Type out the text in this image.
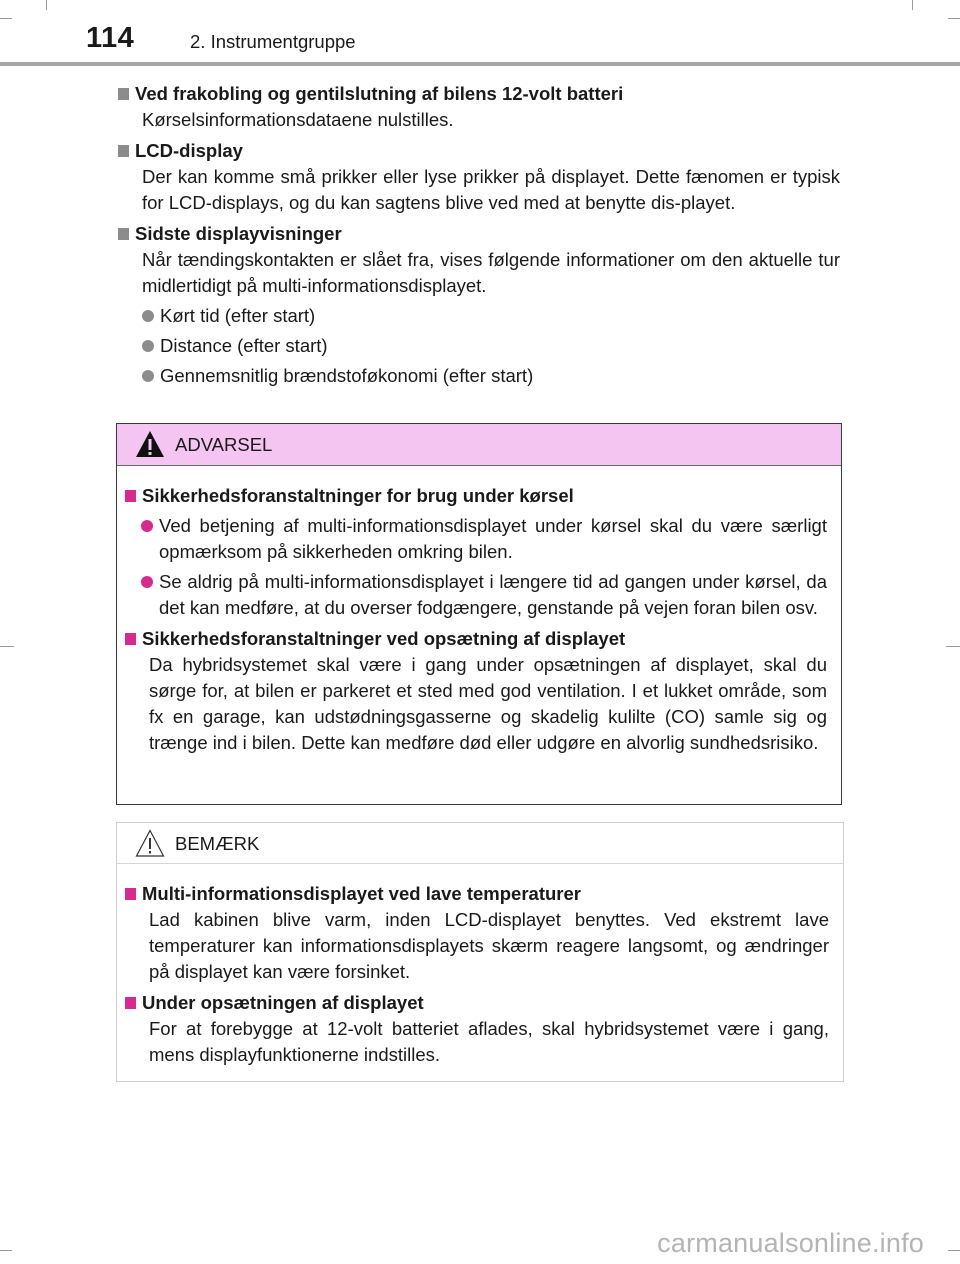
114	2. Instrumentgruppe
Ved frakobling og gentilslutning af bilens 12-volt batteri
Kørselsinformationsdataene nulstilles.
LCD-display
Der kan komme små prikker eller lyse prikker på displayet. Dette fænomen er typisk for LCD-displays, og du kan sagtens blive ved med at benytte dis-playet.
Sidste displayvisninger
Når tændingskontakten er slået fra, vises følgende informationer om den aktuelle tur midlertidigt på multi-informationsdisplayet.
Kørt tid (efter start)
Distance (efter start)
Gennemsnitlig brændstoføkonomi (efter start)
ADVARSEL
Sikkerhedsforanstaltninger for brug under kørsel
Ved betjening af multi-informationsdisplayet under kørsel skal du være særligt opmærksom på sikkerheden omkring bilen.
Se aldrig på multi-informationsdisplayet i længere tid ad gangen under kørsel, da det kan medføre, at du overser fodgængere, genstande på vejen foran bilen osv.
Sikkerhedsforanstaltninger ved opsætning af displayet
Da hybridsystemet skal være i gang under opsætningen af displayet, skal du sørge for, at bilen er parkeret et sted med god ventilation. I et lukket område, som fx en garage, kan udstødningsgasserne og skadelig kulilte (CO) samle sig og trænge ind i bilen. Dette kan medføre død eller udgøre en alvorlig sundhedsrisiko.
BEMÆRK
Multi-informationsdisplayet ved lave temperaturer
Lad kabinen blive varm, inden LCD-displayet benyttes. Ved ekstremt lave temperaturer kan informationsdisplayets skærm reagere langsomt, og ændringer på displayet kan være forsinket.
Under opsætningen af displayet
For at forebygge at 12-volt batteriet aflades, skal hybridsystemet være i gang, mens displayfunktionerne indstilles.
carmanualsonline.info
